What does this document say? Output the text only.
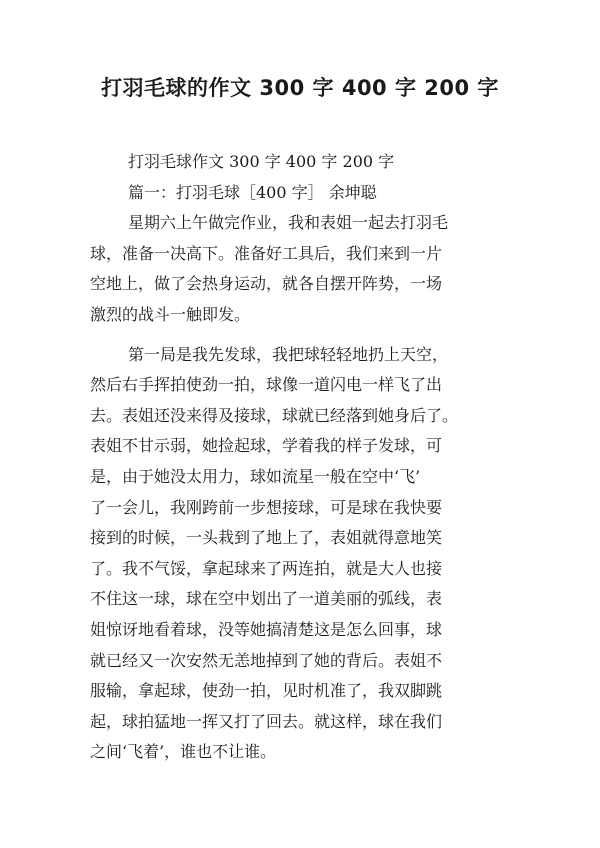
打羽毛球的作文 300 字 400 字 200 字
打羽毛球作文 300 字 400 字 200 字
篇一：打羽毛球［400 字］ 余坤聪
星期六上午做完作业，我和表姐一起去打羽毛
球，准备一决高下。准备好工具后，我们来到一片
空地上，做了会热身运动，就各自摆开阵势，一场
激烈的战斗一触即发。
第一局是我先发球，我把球轻轻地扔上天空，
然后右手挥拍使劲一拍，球像一道闪电一样飞了出
去。表姐还没来得及接球，球就已经落到她身后了。
表姐不甘示弱，她捡起球，学着我的样子发球，可
是，由于她没太用力，球如流星一般在空中‘飞’
了一会儿，我刚跨前一步想接球，可是球在我快要
接到的时候，一头栽到了地上了，表姐就得意地笑
了。我不气馁，拿起球来了两连拍，就是大人也接
不住这一球，球在空中划出了一道美丽的弧线，表
姐惊讶地看着球，没等她搞清楚这是怎么回事，球
就已经又一次安然无恙地掉到了她的背后。表姐不
服输，拿起球，使劲一拍，见时机准了，我双脚跳
起，球拍猛地一挥又打了回去。就这样，球在我们
之间‘飞着’，谁也不让谁。
